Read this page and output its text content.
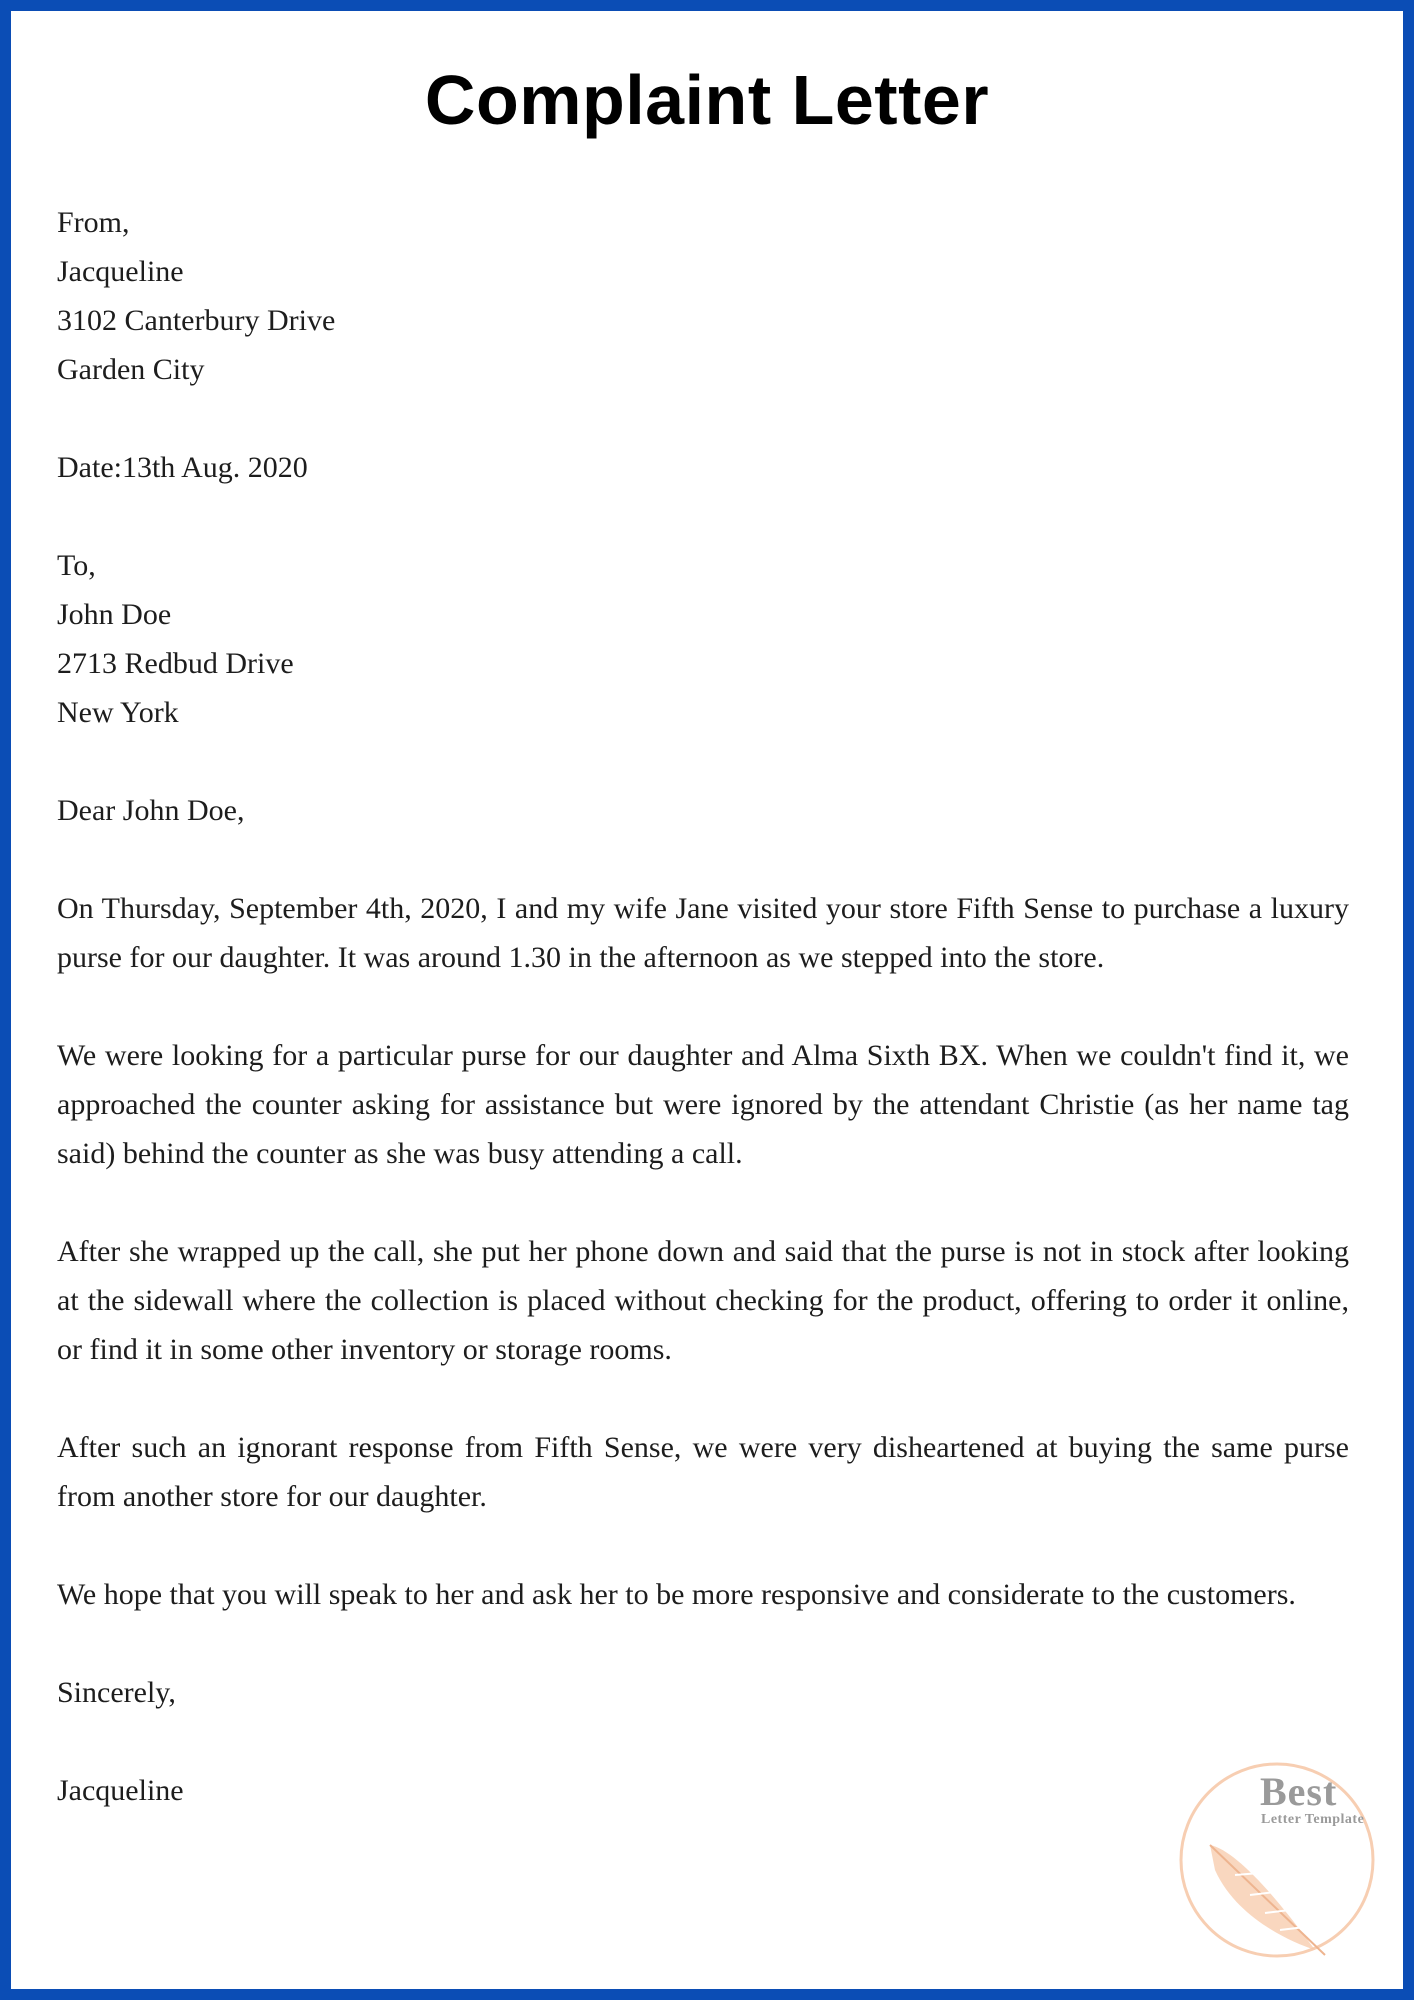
Complaint Letter
From,
Jacqueline
3102 Canterbury Drive
Garden City
Date:13th Aug. 2020
To,
John Doe
2713 Redbud Drive
New York
Dear John Doe,

On Thursday, September 4th, 2020, I and my wife Jane visited your store Fifth Sense to purchase a luxury purse for our daughter. It was around 1.30 in the afternoon as we stepped into the store.

We were looking for a particular purse for our daughter and Alma Sixth BX. When we couldn't find it, we approached the counter asking for assistance but were ignored by the attendant Christie (as her name tag said) behind the counter as she was busy attending a call.

After she wrapped up the call, she put her phone down and said that the purse is not in stock after looking at the sidewall where the collection is placed without checking for the product, offering to order it online, or find it in some other inventory or storage rooms.

After such an ignorant response from Fifth Sense, we were very disheartened at buying the same purse from another store for our daughter.

We hope that you will speak to her and ask her to be more responsive and considerate to the customers.

Sincerely,
Jacqueline	Best
Letter Template
